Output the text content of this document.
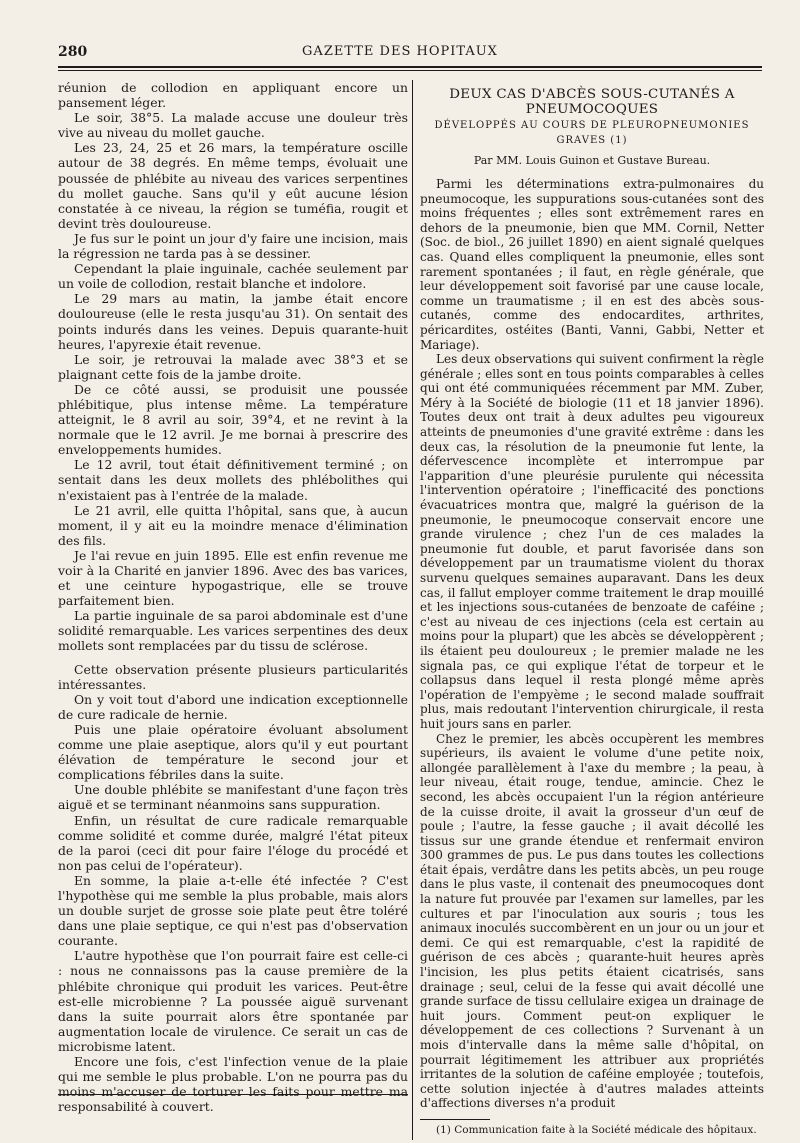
280	GAZETTE DES HOPITAUX

réunion de collodion en appliquant encore un pansement léger.

Le soir, 38°5. La malade accuse une douleur très vive au niveau du mollet gauche.

Les 23, 24, 25 et 26 mars, la température oscille autour de 38 degrés. En même temps, évoluait une poussée de phlébite au niveau des varices serpentines du mollet gauche. Sans qu'il y eût aucune lésion constatée à ce niveau, la région se tuméfia, rougit et devint très douloureuse.

Je fus sur le point un jour d'y faire une incision, mais la régression ne tarda pas à se dessiner.

Cependant la plaie inguinale, cachée seulement par un voile de collodion, restait blanche et indolore.

Le 29 mars au matin, la jambe était encore douloureuse (elle le resta jusqu'au 31). On sentait des points indurés dans les veines. Depuis quarante-huit heures, l'apyrexie était revenue.

Le soir, je retrouvai la malade avec 38°3 et se plaignant cette fois de la jambe droite.

De ce côté aussi, se produisit une poussée phlébitique, plus intense même. La température atteignit, le 8 avril au soir, 39°4, et ne revint à la normale que le 12 avril. Je me bornai à prescrire des enveloppements humides.

Le 12 avril, tout était définitivement terminé ; on sentait dans les deux mollets des phlébolithes qui n'existaient pas à l'entrée de la malade.

Le 21 avril, elle quitta l'hôpital, sans que, à aucun moment, il y ait eu la moindre menace d'élimination des fils.

Je l'ai revue en juin 1895. Elle est enfin revenue me voir à la Charité en janvier 1896. Avec des bas varices, et une ceinture hypogastrique, elle se trouve parfaitement bien.

La partie inguinale de sa paroi abdominale est d'une solidité remarquable. Les varices serpentines des deux mollets sont remplacées par du tissu de sclérose.

Cette observation présente plusieurs particularités intéressantes.

On y voit tout d'abord une indication exceptionnelle de cure radicale de hernie.

Puis une plaie opératoire évoluant absolument comme une plaie aseptique, alors qu'il y eut pourtant élévation de température le second jour et complications fébriles dans la suite.

Une double phlébite se manifestant d'une façon très aiguë et se terminant néanmoins sans suppuration.

Enfin, un résultat de cure radicale remarquable comme solidité et comme durée, malgré l'état piteux de la paroi (ceci dit pour faire l'éloge du procédé et non pas celui de l'opérateur).

En somme, la plaie a-t-elle été infectée ? C'est l'hypothèse qui me semble la plus probable, mais alors un double surjet de grosse soie plate peut être toléré dans une plaie septique, ce qui n'est pas d'observation courante.

L'autre hypothèse que l'on pourrait faire est celle-ci : nous ne connaissons pas la cause première de la phlébite chronique qui produit les varices. Peut-être est-elle microbienne ? La poussée aiguë survenant dans la suite pourrait alors être spontanée par augmentation locale de virulence. Ce serait un cas de microbisme latent.

Encore une fois, c'est l'infection venue de la plaie qui me semble le plus probable. L'on ne pourra pas du moins m'accuser de torturer les faits pour mettre ma responsabilité à couvert.

DEUX CAS D'ABCÈS SOUS-CUTANÉS A PNEUMOCOQUES
DÉVELOPPÉS AU COURS DE PLEUROPNEUMONIES GRAVES (1)
Par MM. Louis Guinon et Gustave Bureau.

Parmi les déterminations extra-pulmonaires du pneumocoque, les suppurations sous-cutanées sont des moins fréquentes ; elles sont extrêmement rares en dehors de la pneumonie, bien que MM. Cornil, Netter (Soc. de biol., 26 juillet 1890) en aient signalé quelques cas. Quand elles compliquent la pneumonie, elles sont rarement spontanées ; il faut, en règle générale, que leur développement soit favorisé par une cause locale, comme un traumatisme ; il en est des abcès sous-cutanés, comme des endocardites, arthrites, péricardites, ostéites (Banti, Vanni, Gabbi, Netter et Mariage).

Les deux observations qui suivent confirment la règle générale ; elles sont en tous points comparables à celles qui ont été communiquées récemment par MM. Zuber, Méry à la Société de biologie (11 et 18 janvier 1896). Toutes deux ont trait à deux adultes peu vigoureux atteints de pneumonies d'une gravité extrême : dans les deux cas, la résolution de la pneumonie fut lente, la défervescence incomplète et interrompue par l'apparition d'une pleurésie purulente qui nécessita l'intervention opératoire ; l'inefficacité des ponctions évacuatrices montra que, malgré la guérison de la pneumonie, le pneumocoque conservait encore une grande virulence ; chez l'un de ces malades la pneumonie fut double, et parut favorisée dans son développement par un traumatisme violent du thorax survenu quelques semaines auparavant. Dans les deux cas, il fallut employer comme traitement le drap mouillé et les injections sous-cutanées de benzoate de caféine ; c'est au niveau de ces injections (cela est certain au moins pour la plupart) que les abcès se développèrent ; ils étaient peu douloureux ; le premier malade ne les signala pas, ce qui explique l'état de torpeur et le collapsus dans lequel il resta plongé même après l'opération de l'empyème ; le second malade souffrait plus, mais redoutant l'intervention chirurgicale, il resta huit jours sans en parler.

Chez le premier, les abcès occupèrent les membres supérieurs, ils avaient le volume d'une petite noix, allongée parallèlement à l'axe du membre ; la peau, à leur niveau, était rouge, tendue, amincie. Chez le second, les abcès occupaient l'un la région antérieure de la cuisse droite, il avait la grosseur d'un œuf de poule ; l'autre, la fesse gauche ; il avait décollé les tissus sur une grande étendue et renfermait environ 300 grammes de pus. Le pus dans toutes les collections était épais, verdâtre dans les petits abcès, un peu rouge dans le plus vaste, il contenait des pneumocoques dont la nature fut prouvée par l'examen sur lamelles, par les cultures et par l'inoculation aux souris ; tous les animaux inoculés succombèrent en un jour ou un jour et demi. Ce qui est remarquable, c'est la rapidité de guérison de ces abcès ; quarante-huit heures après l'incision, les plus petits étaient cicatrisés, sans drainage ; seul, celui de la fesse qui avait décollé une grande surface de tissu cellulaire exigea un drainage de huit jours. Comment peut-on expliquer le développement de ces collections ? Survenant à un mois d'intervalle dans la même salle d'hôpital, on pourrait légitimement les attribuer aux propriétés irritantes de la solution de caféine employée ; toutefois, cette solution injectée à d'autres malades atteints d'affections diverses n'a produit

(1) Communication faite à la Société médicale des hôpitaux.
